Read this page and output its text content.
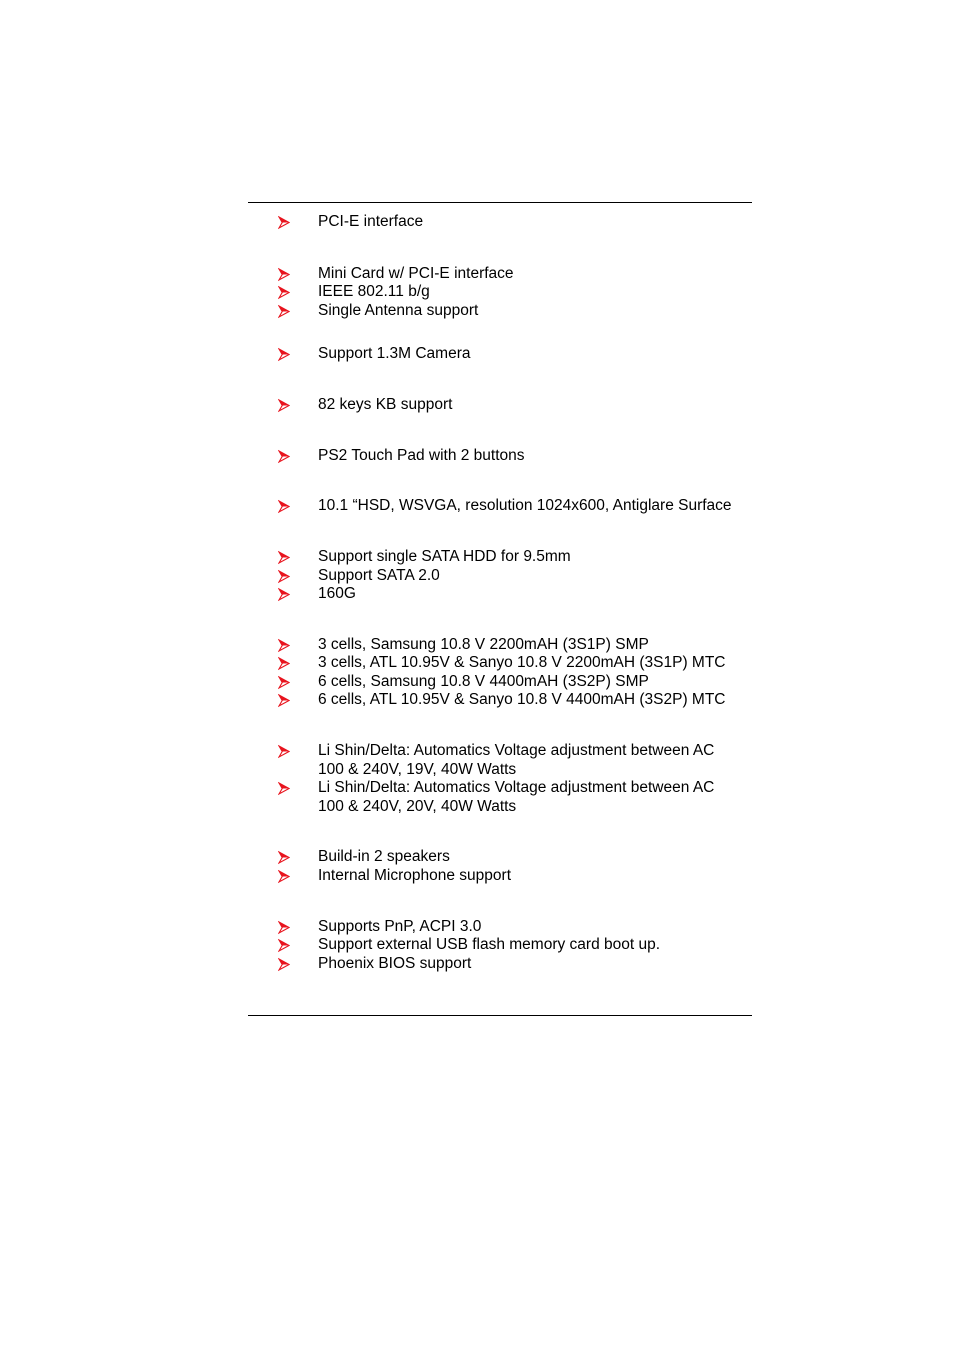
PCI-E interface
Mini Card w/ PCI-E interface
IEEE 802.11 b/g
Single Antenna support
Support 1.3M Camera
82 keys KB support
PS2 Touch Pad with 2 buttons
10.1 “HSD, WSVGA, resolution 1024x600, Antiglare Surface
Support single SATA HDD for 9.5mm
Support SATA 2.0
160G
3 cells, Samsung 10.8 V 2200mAH (3S1P) SMP
3 cells, ATL 10.95V & Sanyo 10.8 V 2200mAH (3S1P) MTC
6 cells, Samsung 10.8 V 4400mAH (3S2P) SMP
6 cells, ATL 10.95V & Sanyo 10.8 V 4400mAH (3S2P) MTC
Li Shin/Delta: Automatics Voltage adjustment between AC
100 & 240V, 19V, 40W Watts
Li Shin/Delta: Automatics Voltage adjustment between AC
100 & 240V, 20V, 40W Watts
Build-in 2 speakers
Internal Microphone support
Supports PnP, ACPI 3.0
Support external USB flash memory card boot up.
Phoenix BIOS support
